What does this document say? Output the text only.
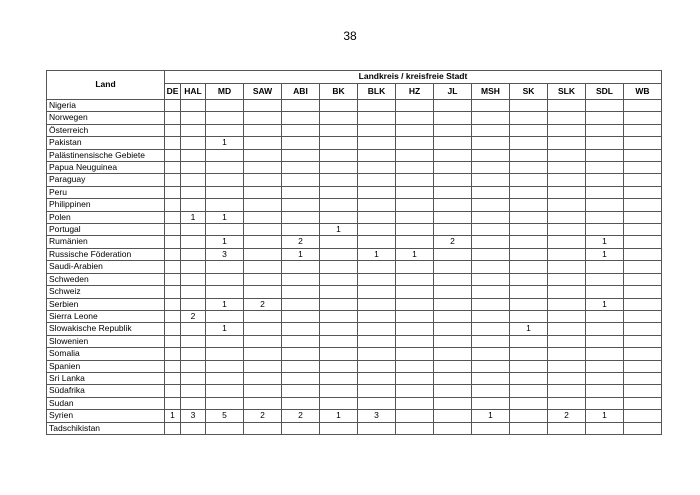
38
Land	Landkreis / kreisfreie Stadt													
	DE	HAL	MD	SAW	ABI	BK	BLK	HZ	JL	MSH	SK	SLK	SDL	WB
Nigeria														
Norwegen														
Österreich														
Pakistan			1											
Palästinensische Gebiete														
Papua Neuguinea														
Paraguay														
Peru														
Philippinen														
Polen		1	1											
Portugal						1								
Rumänien			1		2				2				1	
Russische Föderation			3		1		1	1					1	
Saudi-Arabien														
Schweden														
Schweiz														
Serbien			1	2									1	
Sierra Leone		2												
Slowakische Republik			1								1			
Slowenien														
Somalia														
Spanien														
Sri Lanka														
Südafrika														
Sudan														
Syrien	1	3	5	2	2	1	3			1		2	1	
Tadschikistan														
